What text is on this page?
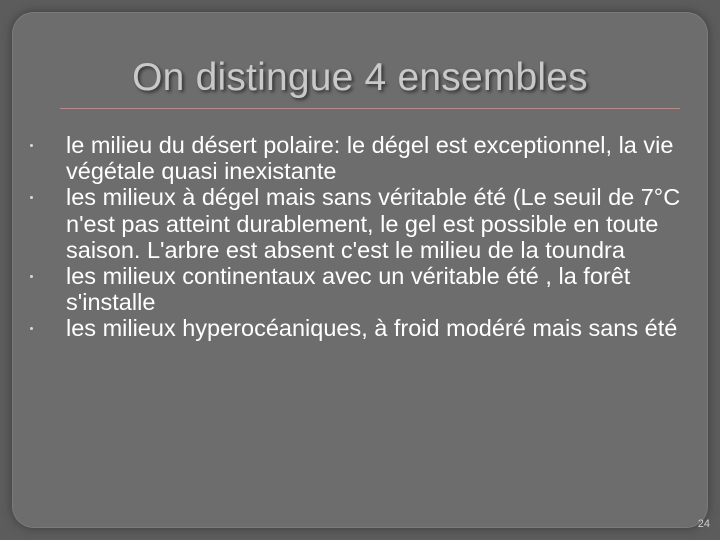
On distingue 4 ensembles
le milieu du désert polaire: le dégel est exceptionnel, la vie végétale quasi inexistante
les milieux à dégel mais sans véritable été (Le seuil de 7°C n'est pas atteint durablement, le gel est possible en toute saison. L'arbre est absent c'est le milieu de la toundra
les milieux continentaux avec un véritable été , la forêt s'installe
les milieux hyperocéaniques, à froid modéré mais sans été
24
